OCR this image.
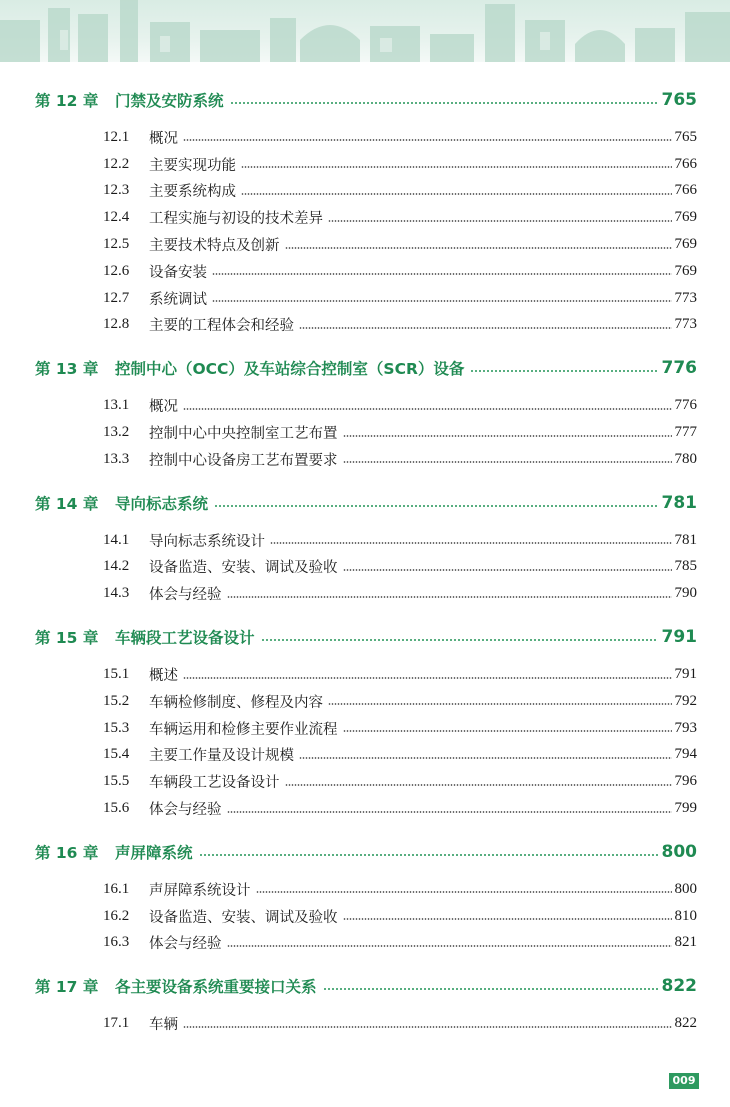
第 12 章	门禁及安防系统	765
12.1	概况	765
12.2	主要实现功能	766
12.3	主要系统构成	766
12.4	工程实施与初设的技术差异	769
12.5	主要技术特点及创新	769
12.6	设备安装	769
12.7	系统调试	773
12.8	主要的工程体会和经验	773
第 13 章	控制中心（OCC）及车站综合控制室（SCR）设备	776
13.1	概况	776
13.2	控制中心中央控制室工艺布置	777
13.3	控制中心设备房工艺布置要求	780
第 14 章	导向标志系统	781
14.1	导向标志系统设计	781
14.2	设备监造、安装、调试及验收	785
14.3	体会与经验	790
第 15 章	车辆段工艺设备设计	791
15.1	概述	791
15.2	车辆检修制度、修程及内容	792
15.3	车辆运用和检修主要作业流程	793
15.4	主要工作量及设计规模	794
15.5	车辆段工艺设备设计	796
15.6	体会与经验	799
第 16 章	声屏障系统	800
16.1	声屏障系统设计	800
16.2	设备监造、安装、调试及验收	810
16.3	体会与经验	821
第 17 章	各主要设备系统重要接口关系	822
17.1	车辆	822
009
